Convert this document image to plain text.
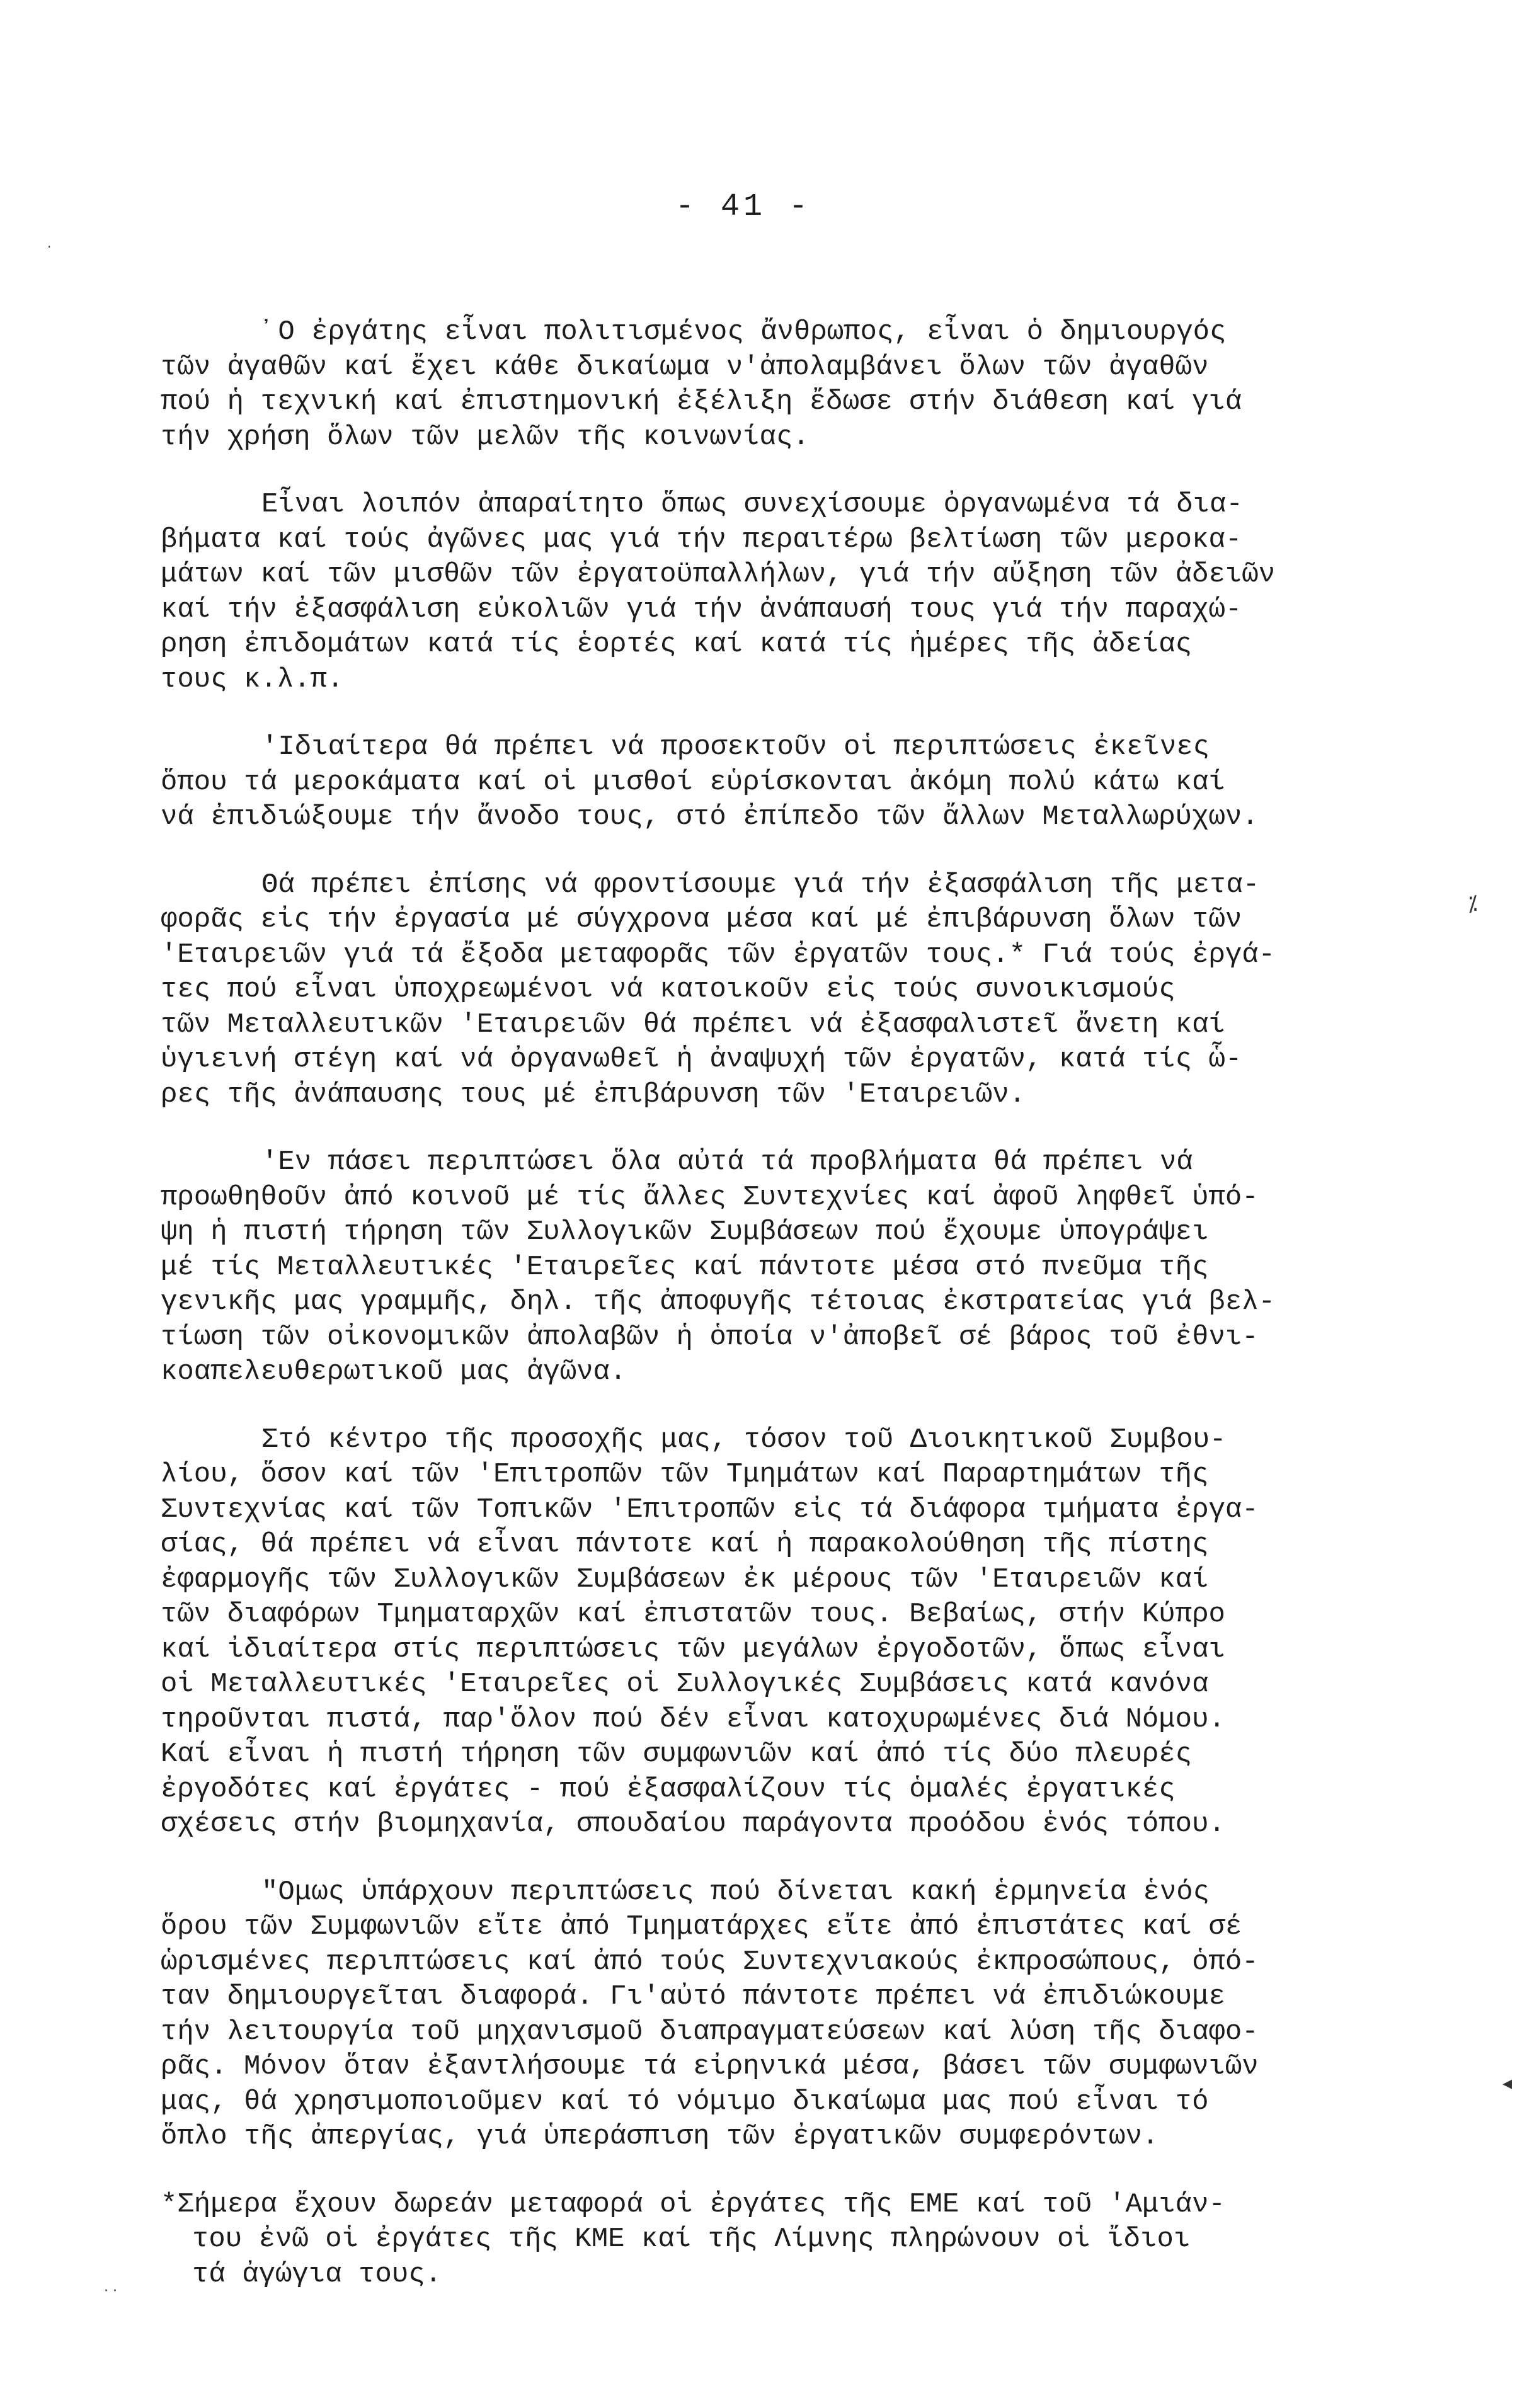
- 41 -
᾿Ο ἐργάτης εἶναι πολιτισμένος ἄνθρωπος, εἶναι ὁ δημιουργός
τῶν ἀγαθῶν καί ἔχει κάθε δικαίωμα ν'ἀπολαμβάνει ὅλων τῶν ἀγαθῶν
πού ἡ τεχνική καί ἐπιστημονική ἐξέλιξη ἔδωσε στήν διάθεση καί γιά
τήν χρήση ὅλων τῶν μελῶν τῆς κοινωνίας.
Εἶναι λοιπόν ἀπαραίτητο ὅπως συνεχίσουμε ὀργανωμένα τά δια-
βήματα καί τούς ἀγῶνες μας γιά τήν περαιτέρω βελτίωση τῶν μεροκα-
μάτων καί τῶν μισθῶν τῶν ἐργατοϋπαλλήλων, γιά τήν αὔξηση τῶν ἀδειῶν
καί τήν ἐξασφάλιση εὐκολιῶν γιά τήν ἀνάπαυσή τους γιά τήν παραχώ-
ρηση ἐπιδομάτων κατά τίς ἑορτές καί κατά τίς ἡμέρες τῆς ἀδείας
τους κ.λ.π.
'Ιδιαίτερα θά πρέπει νά προσεκτοῦν οἱ περιπτώσεις ἐκεῖνες
ὅπου τά μεροκάματα καί οἱ μισθοί εὑρίσκονται ἀκόμη πολύ κάτω καί
νά ἐπιδιώξουμε τήν ἄνοδο τους, στό ἐπίπεδο τῶν ἄλλων Μεταλλωρύχων.
Θά πρέπει ἐπίσης νά φροντίσουμε γιά τήν ἐξασφάλιση τῆς μετα-
φορᾶς εἰς τήν ἐργασία μέ σύγχρονα μέσα καί μέ ἐπιβάρυνση ὅλων τῶν
'Εταιρειῶν γιά τά ἔξοδα μεταφορᾶς τῶν ἐργατῶν τους.* Γιά τούς ἐργά-
τες πού εἶναι ὑποχρεωμένοι νά κατοικοῦν εἰς τούς συνοικισμούς
τῶν Μεταλλευτικῶν 'Εταιρειῶν θά πρέπει νά ἐξασφαλιστεῖ ἄνετη καί
ὑγιεινή στέγη καί νά ὀργανωθεῖ ἡ ἀναψυχή τῶν ἐργατῶν, κατά τίς ὧ-
ρες τῆς ἀνάπαυσης τους μέ ἐπιβάρυνση τῶν 'Εταιρειῶν.
'Εν πάσει περιπτώσει ὅλα αὐτά τά προβλήματα θά πρέπει νά
προωθηθοῦν ἀπό κοινοῦ μέ τίς ἄλλες Συντεχνίες καί ἀφοῦ ληφθεῖ ὑπό-
ψη ἡ πιστή τήρηση τῶν Συλλογικῶν Συμβάσεων πού ἔχουμε ὑπογράψει
μέ τίς Μεταλλευτικές 'Εταιρεῖες καί πάντοτε μέσα στό πνεῦμα τῆς
γενικῆς μας γραμμῆς, δηλ. τῆς ἀποφυγῆς τέτοιας ἐκστρατείας γιά βελ-
τίωση τῶν οἰκονομικῶν ἀπολαβῶν ἡ ὁποία ν'ἀποβεῖ σέ βάρος τοῦ ἐθνι-
κοαπελευθερωτικοῦ μας ἀγῶνα.
Στό κέντρο τῆς προσοχῆς μας, τόσον τοῦ Διοικητικοῦ Συμβου-
λίου, ὅσον καί τῶν 'Επιτροπῶν τῶν Τμημάτων καί Παραρτημάτων τῆς
Συντεχνίας καί τῶν Τοπικῶν 'Επιτροπῶν εἰς τά διάφορα τμήματα ἐργα-
σίας, θά πρέπει νά εἶναι πάντοτε καί ἡ παρακολούθηση τῆς πίστης
ἐφαρμογῆς τῶν Συλλογικῶν Συμβάσεων ἐκ μέρους τῶν 'Εταιρειῶν καί
τῶν διαφόρων Τμηματαρχῶν καί ἐπιστατῶν τους. Βεβαίως, στήν Κύπρο
καί ἰδιαίτερα στίς περιπτώσεις τῶν μεγάλων ἐργοδοτῶν, ὅπως εἶναι
οἱ Μεταλλευτικές 'Εταιρεῖες οἱ Συλλογικές Συμβάσεις κατά κανόνα
τηροῦνται πιστά, παρ'ὅλον πού δέν εἶναι κατοχυρωμένες διά Νόμου.
Καί εἶναι ἡ πιστή τήρηση τῶν συμφωνιῶν καί ἀπό τίς δύο πλευρές
ἐργοδότες καί ἐργάτες - πού ἐξασφαλίζουν τίς ὁμαλές ἐργατικές
σχέσεις στήν βιομηχανία, σπουδαίου παράγοντα προόδου ἑνός τόπου.
"Ομως ὑπάρχουν περιπτώσεις πού δίνεται κακή ἑρμηνεία ἑνός
ὅρου τῶν Συμφωνιῶν εἴτε ἀπό Τμηματάρχες εἴτε ἀπό ἐπιστάτες καί σέ
ὡρισμένες περιπτώσεις καί ἀπό τούς Συντεχνιακούς ἐκπροσώπους, ὁπό-
ταν δημιουργεῖται διαφορά. Γι'αὐτό πάντοτε πρέπει νά ἐπιδιώκουμε
τήν λειτουργία τοῦ μηχανισμοῦ διαπραγματεύσεων καί λύση τῆς διαφο-
ρᾶς. Μόνον ὅταν ἐξαντλήσουμε τά εἰρηνικά μέσα, βάσει τῶν συμφωνιῶν
μας, θά χρησιμοποιοῦμεν καί τό νόμιμο δικαίωμα μας πού εἶναι τό
ὅπλο τῆς ἀπεργίας, γιά ὑπεράσπιση τῶν ἐργατικῶν συμφερόντων.
*Σήμερα ἔχουν δωρεάν μεταφορά οἱ ἐργάτες τῆς ΕΜΕ καί τοῦ 'Αμιάν-
του ἐνῶ οἱ ἐργάτες τῆς ΚΜΕ καί τῆς Λίμνης πληρώνουν οἱ ἴδιοι
τά ἀγώγια τους.
⁒
◂
·
· ·
